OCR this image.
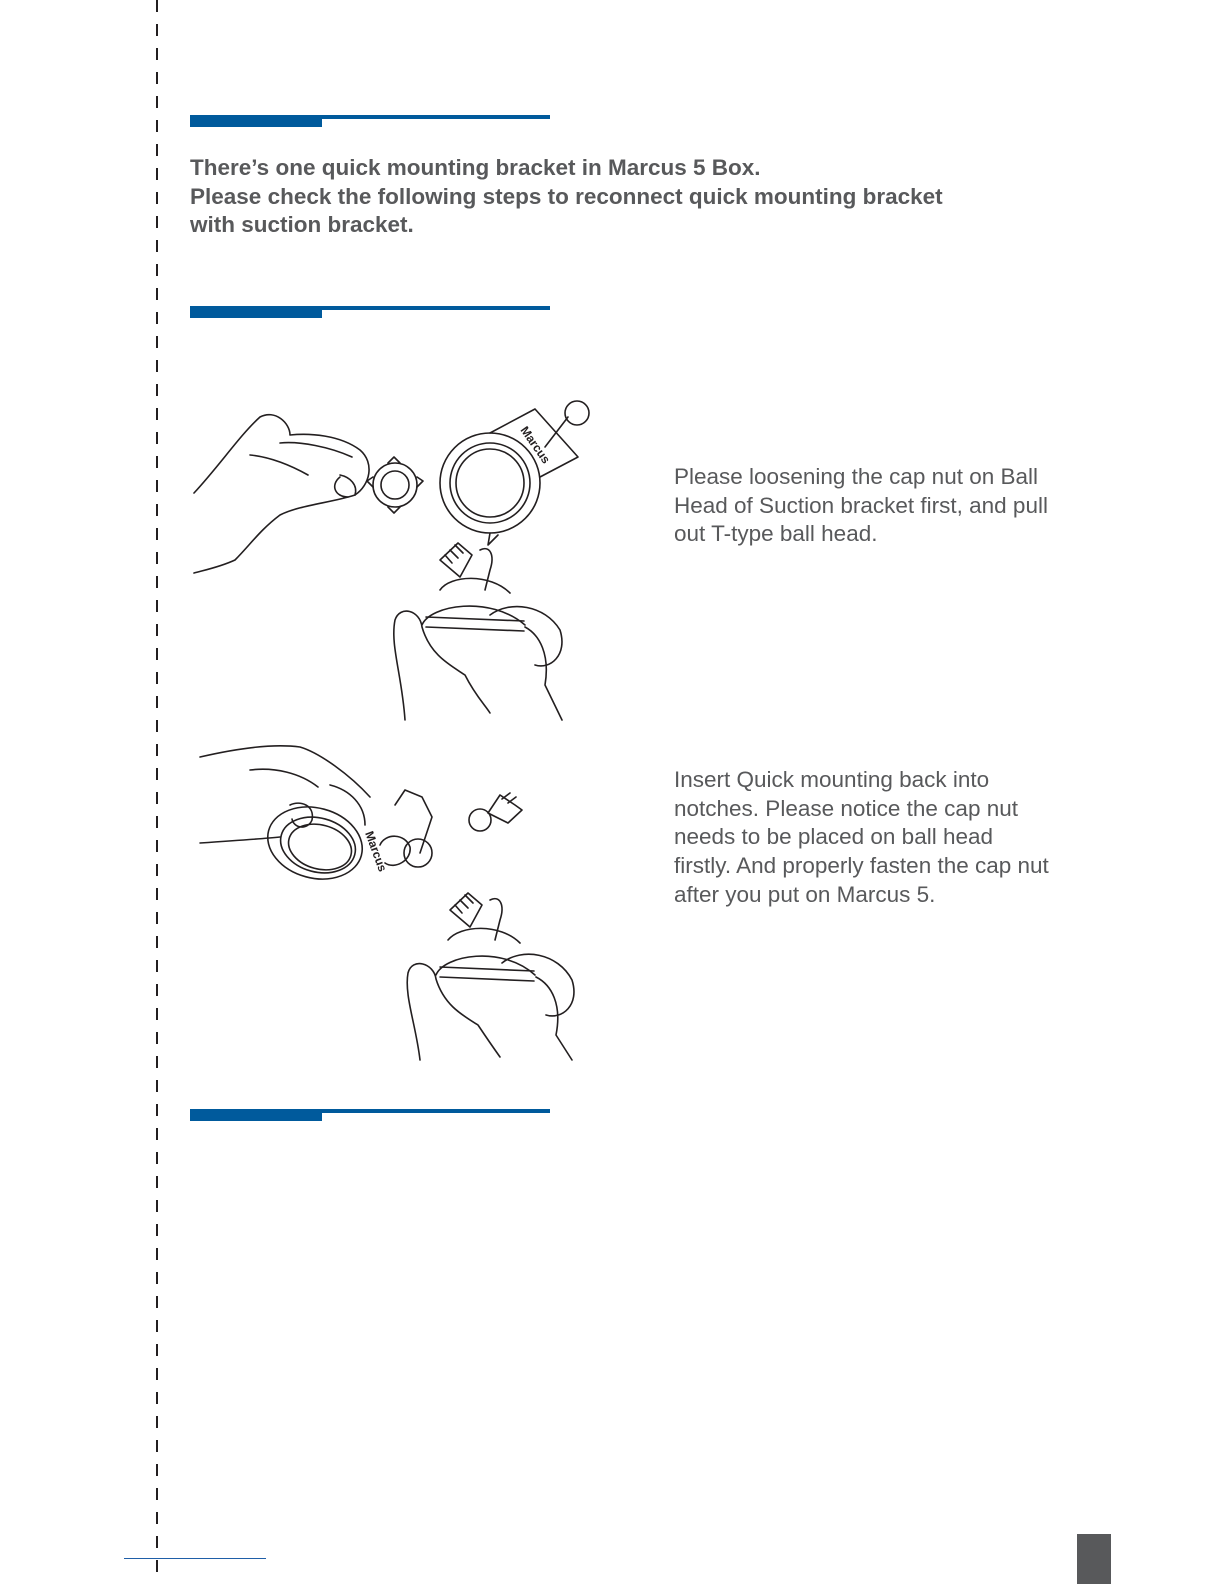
There’s one quick mounting bracket in Marcus 5 Box.

Please check the following steps to reconnect quick mounting bracket with suction bracket.

Marcus
Please loosening the cap nut on Ball Head of Suction bracket first, and pull out T-type ball head.
Marcus
Insert Quick mounting back into notches. Please notice the cap nut needs to be placed on ball head firstly. And properly fasten the cap nut after you put on Marcus 5.
